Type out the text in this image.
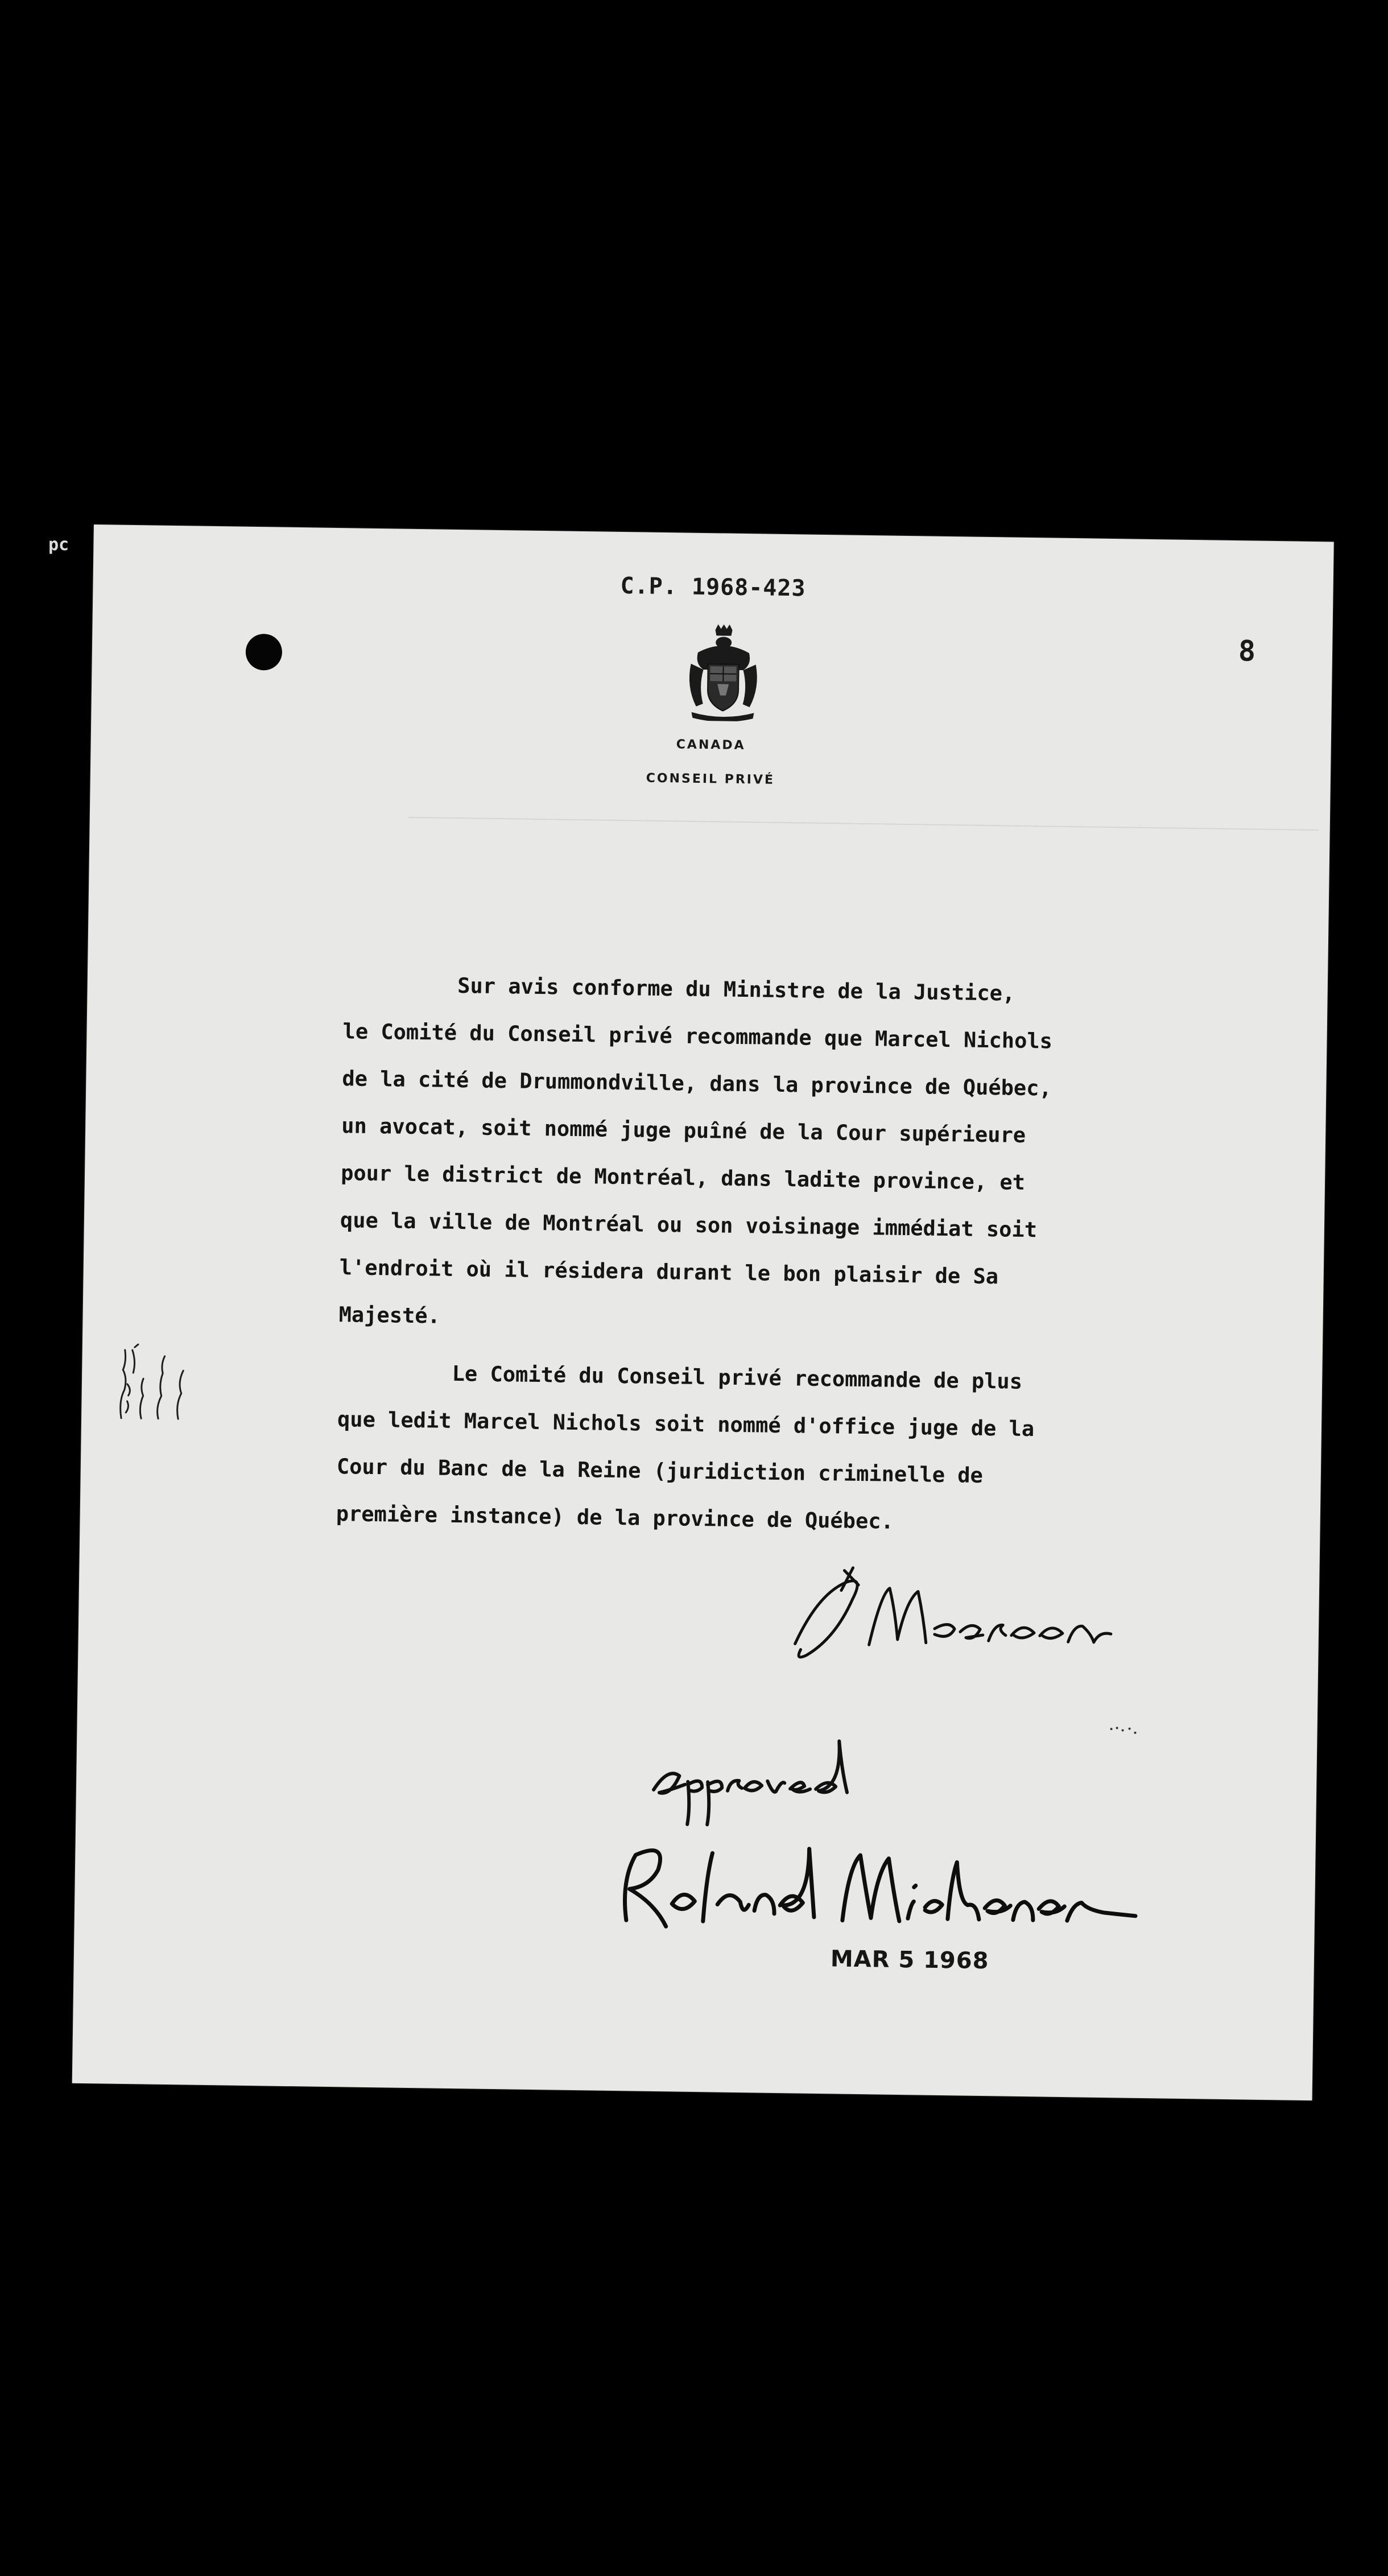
pc
C.P. 1968-423
8
CANADA
CONSEIL PRIVÉ

Sur avis conforme du Ministre de la Justice,

le Comité du Conseil privé recommande que Marcel Nichols

de la cité de Drummondville, dans la province de Québec,

un avocat, soit nommé juge puîné de la Cour supérieure

pour le district de Montréal, dans ladite province, et

que la ville de Montréal ou son voisinage immédiat soit

l'endroit où il résidera durant le bon plaisir de Sa

Majesté.

Le Comité du Conseil privé recommande de plus

que ledit Marcel Nichols soit nommé d'office juge de la

Cour du Banc de la Reine (juridiction criminelle de

première instance) de la province de Québec.

MAR 5 1968
